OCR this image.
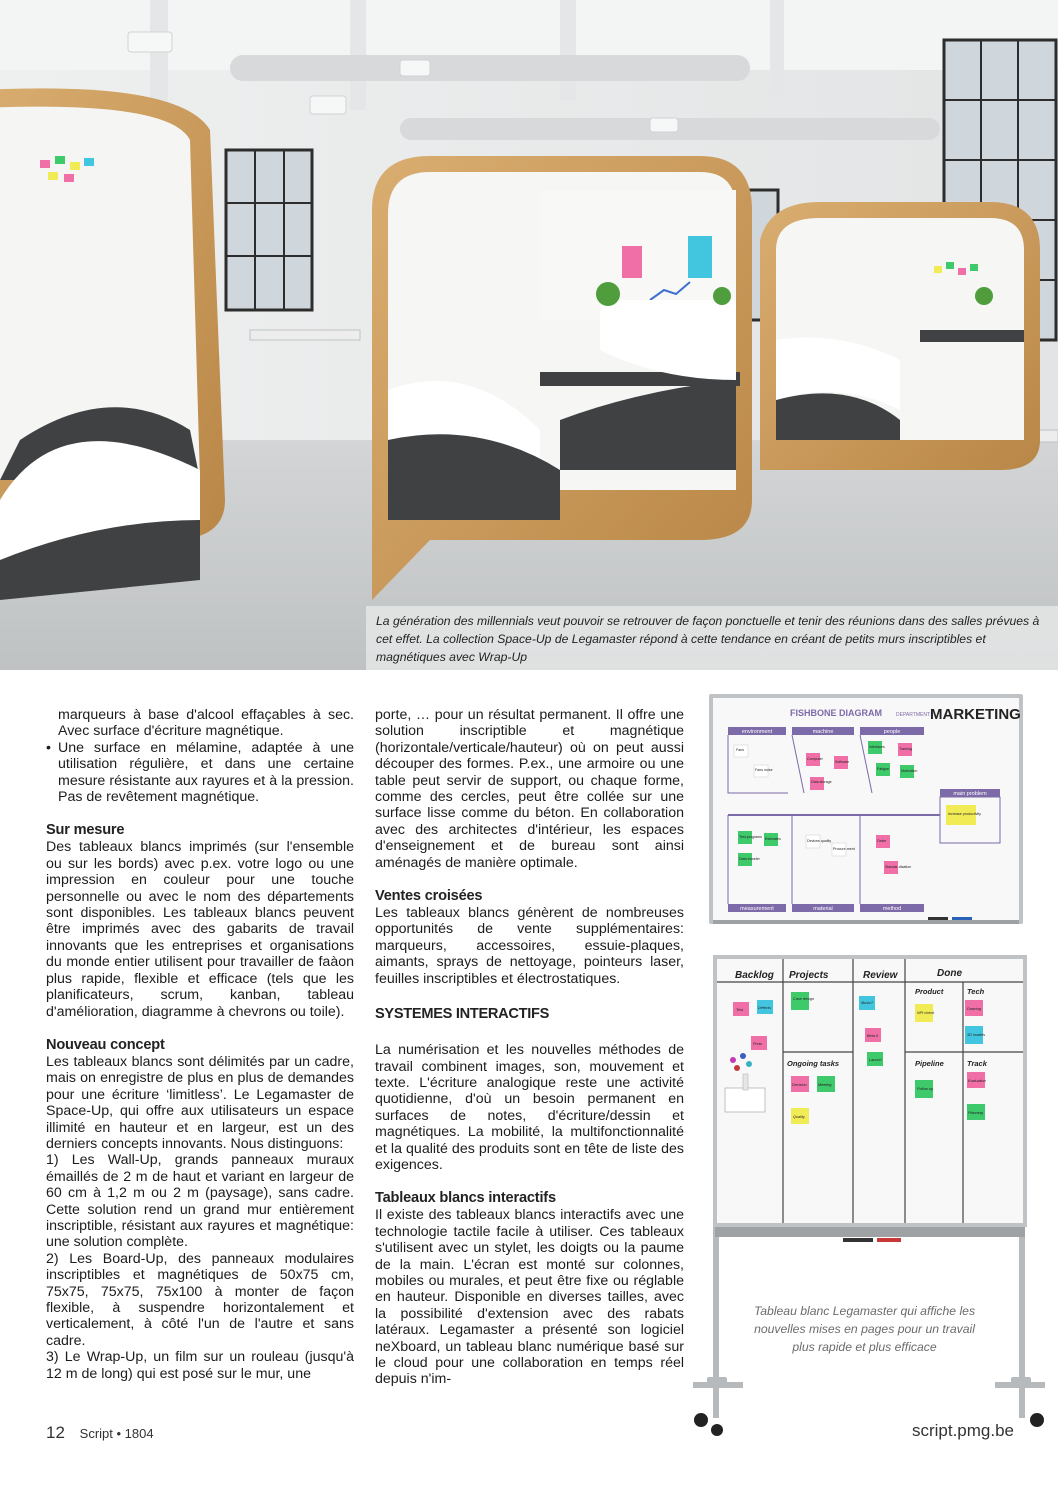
La génération des millennials veut pouvoir se retrouver de façon ponctuelle et tenir des réunions dans des salles prévues à cet effet. La collection Space-Up de Legamaster répond à cette tendance en créant de petits murs inscriptibles et magnétiques avec Wrap-Up

marqueurs à base d'alcool effaçables à sec. Avec surface d'écriture magnétique.

• Une surface en mélamine, adaptée à une utilisation régulière, et dans une certaine mesure résistante aux rayures et à la pression. Pas de revêtement magnétique.

Sur mesure

Des tableaux blancs imprimés (sur l'ensemble ou sur les bords) avec p.ex. votre logo ou une impression en couleur pour une touche personnelle ou avec le nom des départements sont disponibles. Les tableaux blancs peuvent être imprimés avec des gabarits de travail innovants que les entreprises et organisations du monde entier utilisent pour travailler de faàon plus rapide, flexible et efficace (tels que les planificateurs, scrum, kanban, tableau d'amélioration, diagramme à chevrons ou toile).

Nouveau concept

Les tableaux blancs sont délimités par un cadre, mais on enregistre de plus en plus de demandes pour une écriture ‘limitless’. Le Legamaster de Space-Up, qui offre aux utilisateurs un espace illimité en hauteur et en largeur, est un des derniers concepts innovants. Nous distinguons:

1) Les Wall-Up, grands panneaux muraux émaillés de 2 m de haut et variant en largeur de 60 cm à 1,2 m ou 2 m (paysage), sans cadre. Cette solution rend un grand mur entièrement inscriptible, résistant aux rayures et magnétique: une solution complète.

2) Les Board-Up, des panneaux modulaires inscriptibles et magnétiques de 50x75 cm, 75x75, 75x75, 75x100 à monter de façon flexible, à suspendre horizontalement et verticalement, à côté l'un de l'autre et sans cadre.

3) Le Wrap-Up, un film sur un rouleau (jusqu'à 12 m de long) qui est posé sur le mur, une

porte, … pour un résultat permanent. Il offre une solution inscriptible et magnétique (horizontale/verticale/hauteur) où on peut aussi découper des formes. P.ex., une armoire ou une table peut servir de support, ou chaque forme, comme des cercles, peut être collée sur une surface lisse comme du béton. En collaboration avec des architectes d'intérieur, les espaces d'enseignement et de bureau sont ainsi aménagés de manière optimale.

Ventes croisées

Les tableaux blancs génèrent de nombreuses opportunités de vente supplémentaires: marqueurs, accessoires, essuie-plaques, aimants, sprays de nettoyage, pointeurs laser, feuilles inscriptibles et électrostatiques.

SYSTEMES INTERACTIFS

La numérisation et les nouvelles méthodes de travail combinent images, son, mouvement et texte. L'écriture analogique reste une activité quotidienne, d'où un besoin permanent en surfaces de notes, d'écriture/dessin et magnétiques. La mobilité, la multifonctionnalité et la qualité des produits sont en tête de liste des exigences.

Tableaux blancs interactifs

Il existe des tableaux blancs interactifs avec une technologie tactile facile à utiliser. Ces tableaux s'utilisent avec un stylet, les doigts ou la paume de la main. L'écran est monté sur colonnes, mobiles ou murales, et peut être fixe ou réglable en hauteur. Disponible en diverses tailles, avec la possibilité d'extension avec des rabats latéraux. Legamaster a présenté son logiciel neXboard, un tableau blanc numérique basé sur le cloud pour une collaboration en temps réel depuis n'im-

FISHBONE DIAGRAM	DEPARTMENT: MARKETING
environment	machine	people
measurement	material	method
main problem
Fans
Fans noise
Computer
Software
Data storage
Interfaces	Training
Fatigue	Motivation
Increase productivity
Test-programs Estimates
Data transfer
Devices quality
Procure-ment
Order
Standar-disation
Backlog Projects	Review	Done
Product	Tech
Ongoing tasks	Pipeline	Track
Test	Defects
Case design
Music?
NPI check
Drawing
Proto
Beta II	3D models
Launch
Decision	Meeting
Follow up
Evaluation
Quality
Planning

Tableau blanc Legamaster qui affiche les nouvelles mises en pages pour un travail plus rapide et plus efficace

12 Script • 1804	script.pmg.be
